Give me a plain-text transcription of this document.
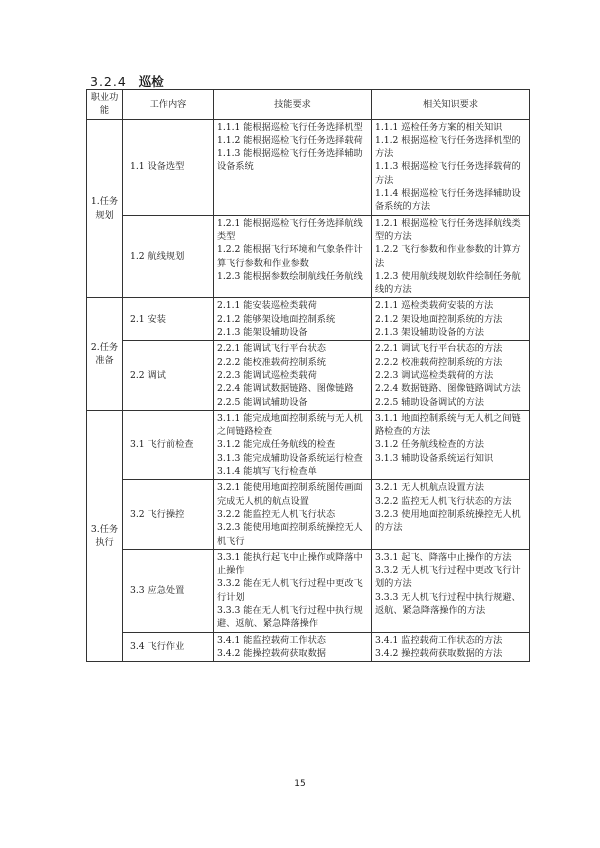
3.2.4 巡检
职业功能	工作内容	技能要求	相关知识要求
1.任务规划	1.1 设备选型	1.1.1 能根据巡检飞行任务选择机型
1.1.2 能根据巡检飞行任务选择载荷
1.1.3 能根据巡检飞行任务选择辅助设备系统	1.1.1 巡检任务方案的相关知识
1.1.2 根据巡检飞行任务选择机型的方法
1.1.3 根据巡检飞行任务选择载荷的方法
1.1.4 根据巡检飞行任务选择辅助设备系统的方法

	1.2 航线规划	1.2.1 能根据巡检飞行任务选择航线类型
1.2.2 能根据飞行环境和气象条件计算飞行参数和作业参数
1.2.3 能根据参数绘制航线任务航线	1.2.1 根据巡检飞行任务选择航线类型的方法
1.2.2 飞行参数和作业参数的计算方法
1.2.3 使用航线规划软件绘制任务航线的方法

2.任务准备	2.1 安装	2.1.1 能安装巡检类载荷
2.1.2 能够架设地面控制系统
2.1.3 能架设辅助设备	2.1.1 巡检类载荷安装的方法
2.1.2 架设地面控制系统的方法
2.1.3 架设辅助设备的方法

	2.2 调试	2.2.1 能调试飞行平台状态
2.2.2 能校准载荷控制系统
2.2.3 能调试巡检类载荷
2.2.4 能调试数据链路、图像链路
2.2.5 能调试辅助设备	2.2.1 调试飞行平台状态的方法
2.2.2 校准载荷控制系统的方法
2.2.3 调试巡检类载荷的方法
2.2.4 数据链路、图像链路调试方法
2.2.5 辅助设备调试的方法

3.任务执行	3.1 飞行前检查	3.1.1 能完成地面控制系统与无人机之间链路检查
3.1.2 能完成任务航线的检查
3.1.3 能完成辅助设备系统运行检查
3.1.4 能填写飞行检查单	3.1.1 地面控制系统与无人机之间链路检查的方法
3.1.2 任务航线检查的方法
3.1.3 辅助设备系统运行知识

	3.2 飞行操控	3.2.1 能使用地面控制系统图传画面完成无人机的航点设置
3.2.2 能监控无人机飞行状态
3.2.3 能使用地面控制系统操控无人机飞行	3.2.1 无人机航点设置方法
3.2.2 监控无人机飞行状态的方法
3.2.3 使用地面控制系统操控无人机的方法

	3.3 应急处置	3.3.1 能执行起飞中止操作或降落中止操作
3.3.2 能在无人机飞行过程中更改飞行计划
3.3.3 能在无人机飞行过程中执行规避、返航、紧急降落操作	3.3.1 起飞、降落中止操作的方法
3.3.2 无人机飞行过程中更改飞行计划的方法
3.3.3 无人机飞行过程中执行规避、返航、紧急降落操作的方法

	3.4 飞行作业	3.4.1 能监控载荷工作状态
3.4.2 能操控载荷获取数据	3.4.1 监控载荷工作状态的方法
3.4.2 操控载荷获取数据的方法
15
